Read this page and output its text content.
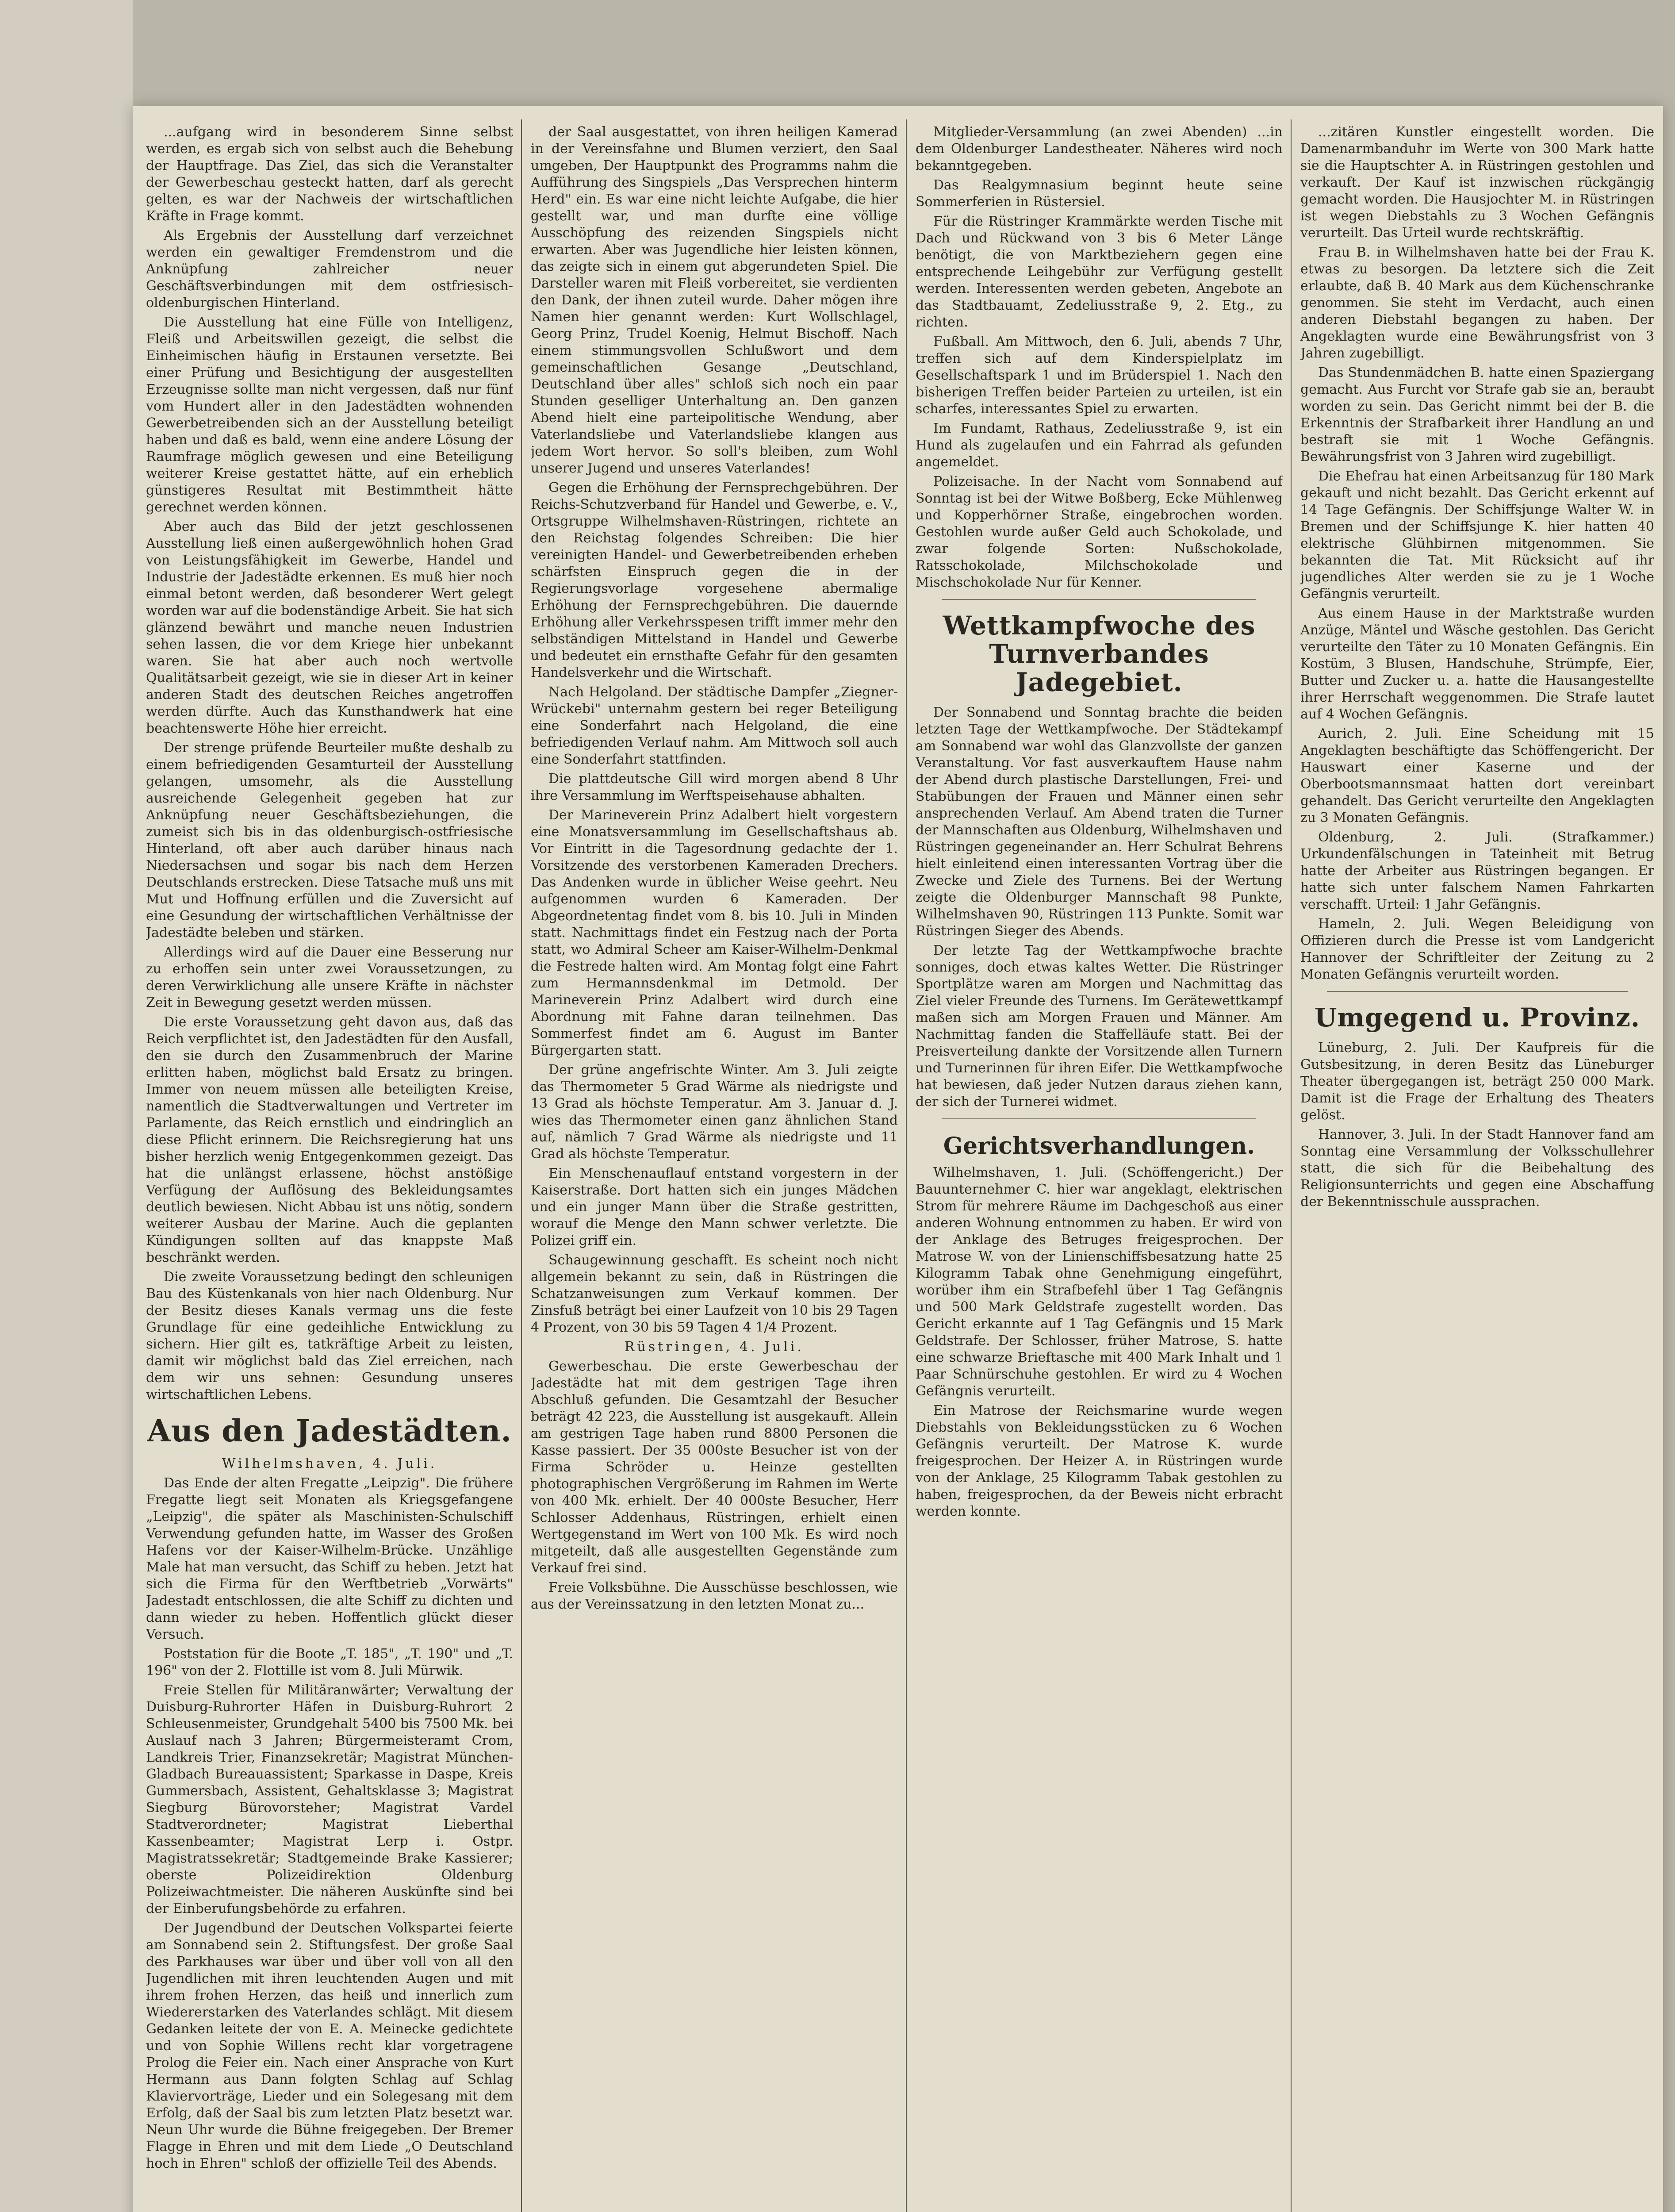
...aufgang wird in besonderem Sinne selbst werden, es ergab sich von selbst auch die Behebung der Hauptfrage. Das Ziel, das sich die Veranstalter der Gewerbeschau gesteckt hatten, darf als gerecht gelten, es war der Nachweis der wirtschaftlichen Kräfte in Frage kommt.

Als Ergebnis der Ausstellung darf verzeichnet werden ein gewaltiger Fremdenstrom und die Anknüpfung zahlreicher neuer Geschäftsverbindungen mit dem ostfriesisch-oldenburgischen Hinterland.

Die Ausstellung hat eine Fülle von Intelligenz, Fleiß und Arbeitswillen gezeigt, die selbst die Einheimischen häufig in Erstaunen versetzte. Bei einer Prüfung und Besichtigung der ausgestellten Erzeugnisse sollte man nicht vergessen, daß nur fünf vom Hundert aller in den Jadestädten wohnenden Gewerbetreibenden sich an der Ausstellung beteiligt haben und daß es bald, wenn eine andere Lösung der Raumfrage möglich gewesen und eine Beteiligung weiterer Kreise gestattet hätte, auf ein erheblich günstigeres Resultat mit Bestimmtheit hätte gerechnet werden können.

Aber auch das Bild der jetzt geschlossenen Ausstellung ließ einen außergewöhnlich hohen Grad von Leistungsfähigkeit im Gewerbe, Handel und Industrie der Jadestädte erkennen. Es muß hier noch einmal betont werden, daß besonderer Wert gelegt worden war auf die bodenständige Arbeit. Sie hat sich glänzend bewährt und manche neuen Industrien sehen lassen, die vor dem Kriege hier unbekannt waren. Sie hat aber auch noch wertvolle Qualitätsarbeit gezeigt, wie sie in dieser Art in keiner anderen Stadt des deutschen Reiches angetroffen werden dürfte. Auch das Kunsthandwerk hat eine beachtenswerte Höhe hier erreicht.

Der strenge prüfende Beurteiler mußte deshalb zu einem befriedigenden Gesamturteil der Ausstellung gelangen, umsomehr, als die Ausstellung ausreichende Gelegenheit gegeben hat zur Anknüpfung neuer Geschäftsbeziehungen, die zumeist sich bis in das oldenburgisch-ostfriesische Hinterland, oft aber auch darüber hinaus nach Niedersachsen und sogar bis nach dem Herzen Deutschlands erstrecken. Diese Tatsache muß uns mit Mut und Hoffnung erfüllen und die Zuversicht auf eine Gesundung der wirtschaftlichen Verhältnisse der Jadestädte beleben und stärken.

Allerdings wird auf die Dauer eine Besserung nur zu erhoffen sein unter zwei Voraussetzungen, zu deren Verwirklichung alle unsere Kräfte in nächster Zeit in Bewegung gesetzt werden müssen.

Die erste Voraussetzung geht davon aus, daß das Reich verpflichtet ist, den Jadestädten für den Ausfall, den sie durch den Zusammenbruch der Marine erlitten haben, möglichst bald Ersatz zu bringen. Immer von neuem müssen alle beteiligten Kreise, namentlich die Stadtverwaltungen und Vertreter im Parlamente, das Reich ernstlich und eindringlich an diese Pflicht erinnern. Die Reichsregierung hat uns bisher herzlich wenig Entgegenkommen gezeigt. Das hat die unlängst erlassene, höchst anstößige Verfügung der Auflösung des Bekleidungsamtes deutlich bewiesen. Nicht Abbau ist uns nötig, sondern weiterer Ausbau der Marine. Auch die geplanten Kündigungen sollten auf das knappste Maß beschränkt werden.

Die zweite Voraussetzung bedingt den schleunigen Bau des Küstenkanals von hier nach Oldenburg. Nur der Besitz dieses Kanals vermag uns die feste Grundlage für eine gedeihliche Entwicklung zu sichern. Hier gilt es, tatkräftige Arbeit zu leisten, damit wir möglichst bald das Ziel erreichen, nach dem wir uns sehnen: Gesundung unseres wirtschaftlichen Lebens.

Aus den Jadestädten.

Wilhelmshaven, 4. Juli.

Das Ende der alten Fregatte „Leipzig". Die frühere Fregatte liegt seit Monaten als Kriegsgefangene „Leipzig", die später als Maschinisten-Schulschiff Verwendung gefunden hatte, im Wasser des Großen Hafens vor der Kaiser-Wilhelm-Brücke. Unzählige Male hat man versucht, das Schiff zu heben. Jetzt hat sich die Firma für den Werftbetrieb „Vorwärts" Jadestadt entschlossen, die alte Schiff zu dichten und dann wieder zu heben. Hoffentlich glückt dieser Versuch.

Poststation für die Boote „T. 185", „T. 190" und „T. 196" von der 2. Flottille ist vom 8. Juli Mürwik.

Freie Stellen für Militäranwärter; Verwaltung der Duisburg-Ruhrorter Häfen in Duisburg-Ruhrort 2 Schleusenmeister, Grundgehalt 5400 bis 7500 Mk. bei Auslauf nach 3 Jahren; Bürgermeisteramt Crom, Landkreis Trier, Finanzsekretär; Magistrat München-Gladbach Bureauassistent; Sparkasse in Daspe, Kreis Gummersbach, Assistent, Gehaltsklasse 3; Magistrat Siegburg Bürovorsteher; Magistrat Vardel Stadtverordneter; Magistrat Lieberthal Kassenbeamter; Magistrat Lerp i. Ostpr. Magistratssekretär; Stadtgemeinde Brake Kassierer; oberste Polizeidirektion Oldenburg Polizeiwachtmeister. Die näheren Auskünfte sind bei der Einberufungsbehörde zu erfahren.

Der Jugendbund der Deutschen Volkspartei feierte am Sonnabend sein 2. Stiftungsfest. Der große Saal des Parkhauses war über und über voll von all den Jugendlichen mit ihren leuchtenden Augen und mit ihrem frohen Herzen, das heiß und innerlich zum Wiedererstarken des Vaterlandes schlägt. Mit diesem Gedanken leitete der von E. A. Meinecke gedichtete und von Sophie Willens recht klar vorgetragene Prolog die Feier ein. Nach einer Ansprache von Kurt Hermann aus Dann folgten Schlag auf Schlag Klaviervorträge, Lieder und ein Solegesang mit dem Erfolg, daß der Saal bis zum letzten Platz besetzt war. Neun Uhr wurde die Bühne freigegeben. Der Bremer Flagge in Ehren und mit dem Liede „O Deutschland hoch in Ehren" schloß der offizielle Teil des Abends.

der Saal ausgestattet, von ihren heiligen Kamerad in der Vereinsfahne und Blumen verziert, den Saal umgeben, Der Hauptpunkt des Programms nahm die Aufführung des Singspiels „Das Versprechen hinterm Herd" ein. Es war eine nicht leichte Aufgabe, die hier gestellt war, und man durfte eine völlige Ausschöpfung des reizenden Singspiels nicht erwarten. Aber was Jugendliche hier leisten können, das zeigte sich in einem gut abgerundeten Spiel. Die Darsteller waren mit Fleiß vorbereitet, sie verdienten den Dank, der ihnen zuteil wurde. Daher mögen ihre Namen hier genannt werden: Kurt Wollschlagel, Georg Prinz, Trudel Koenig, Helmut Bischoff. Nach einem stimmungsvollen Schlußwort und dem gemeinschaftlichen Gesange „Deutschland, Deutschland über alles" schloß sich noch ein paar Stunden geselliger Unterhaltung an. Den ganzen Abend hielt eine parteipolitische Wendung, aber Vaterlandsliebe und Vaterlandsliebe klangen aus jedem Wort hervor. So soll's bleiben, zum Wohl unserer Jugend und unseres Vaterlandes!

Gegen die Erhöhung der Fernsprechgebühren. Der Reichs-Schutzverband für Handel und Gewerbe, e. V., Ortsgruppe Wilhelmshaven-Rüstringen, richtete an den Reichstag folgendes Schreiben: Die hier vereinigten Handel- und Gewerbetreibenden erheben schärfsten Einspruch gegen die in der Regierungsvorlage vorgesehene abermalige Erhöhung der Fernsprechgebühren. Die dauernde Erhöhung aller Verkehrsspesen trifft immer mehr den selbständigen Mittelstand in Handel und Gewerbe und bedeutet ein ernsthafte Gefahr für den gesamten Handelsverkehr und die Wirtschaft.

Nach Helgoland. Der städtische Dampfer „Ziegner-Wrückebi" unternahm gestern bei reger Beteiligung eine Sonderfahrt nach Helgoland, die eine befriedigenden Verlauf nahm. Am Mittwoch soll auch eine Sonderfahrt stattfinden.

Die plattdeutsche Gill wird morgen abend 8 Uhr ihre Versammlung im Werftspeisehause abhalten.

Der Marineverein Prinz Adalbert hielt vorgestern eine Monatsversammlung im Gesellschaftshaus ab. Vor Eintritt in die Tagesordnung gedachte der 1. Vorsitzende des verstorbenen Kameraden Drechers. Das Andenken wurde in üblicher Weise geehrt. Neu aufgenommen wurden 6 Kameraden. Der Abgeordnetentag findet vom 8. bis 10. Juli in Minden statt. Nachmittags findet ein Festzug nach der Porta statt, wo Admiral Scheer am Kaiser-Wilhelm-Denkmal die Festrede halten wird. Am Montag folgt eine Fahrt zum Hermannsdenkmal im Detmold. Der Marineverein Prinz Adalbert wird durch eine Abordnung mit Fahne daran teilnehmen. Das Sommerfest findet am 6. August im Banter Bürgergarten statt.

Der grüne angefrischte Winter. Am 3. Juli zeigte das Thermometer 5 Grad Wärme als niedrigste und 13 Grad als höchste Temperatur. Am 3. Januar d. J. wies das Thermometer einen ganz ähnlichen Stand auf, nämlich 7 Grad Wärme als niedrigste und 11 Grad als höchste Temperatur.

Ein Menschenauflauf entstand vorgestern in der Kaiserstraße. Dort hatten sich ein junges Mädchen und ein junger Mann über die Straße gestritten, worauf die Menge den Mann schwer verletzte. Die Polizei griff ein.

Schaugewinnung geschafft. Es scheint noch nicht allgemein bekannt zu sein, daß in Rüstringen die Schatzanweisungen zum Verkauf kommen. Der Zinsfuß beträgt bei einer Laufzeit von 10 bis 29 Tagen 4 Prozent, von 30 bis 59 Tagen 4 1/4 Prozent.

Rüstringen, 4. Juli.

Gewerbeschau. Die erste Gewerbeschau der Jadestädte hat mit dem gestrigen Tage ihren Abschluß gefunden. Die Gesamtzahl der Besucher beträgt 42 223, die Ausstellung ist ausgekauft. Allein am gestrigen Tage haben rund 8800 Personen die Kasse passiert. Der 35 000ste Besucher ist von der Firma Schröder u. Heinze gestellten photographischen Vergrößerung im Rahmen im Werte von 400 Mk. erhielt. Der 40 000ste Besucher, Herr Schlosser Addenhaus, Rüstringen, erhielt einen Wertgegenstand im Wert von 100 Mk. Es wird noch mitgeteilt, daß alle ausgestellten Gegenstände zum Verkauf frei sind.

Freie Volksbühne. Die Ausschüsse beschlossen, wie aus der Vereinssatzung in den letzten Monat zu...

Mitglieder-Versammlung (an zwei Abenden) ...in dem Oldenburger Landestheater. Näheres wird noch bekanntgegeben.

Das Realgymnasium beginnt heute seine Sommerferien in Rüstersiel.

Für die Rüstringer Krammärkte werden Tische mit Dach und Rückwand von 3 bis 6 Meter Länge benötigt, die von Marktbeziehern gegen eine entsprechende Leihgebühr zur Verfügung gestellt werden. Interessenten werden gebeten, Angebote an das Stadtbauamt, Zedeliusstraße 9, 2. Etg., zu richten.

Fußball. Am Mittwoch, den 6. Juli, abends 7 Uhr, treffen sich auf dem Kinderspielplatz im Gesellschaftspark 1 und im Brüderspiel 1. Nach den bisherigen Treffen beider Parteien zu urteilen, ist ein scharfes, interessantes Spiel zu erwarten.

Im Fundamt, Rathaus, Zedeliusstraße 9, ist ein Hund als zugelaufen und ein Fahrrad als gefunden angemeldet.

Polizeisache. In der Nacht vom Sonnabend auf Sonntag ist bei der Witwe Boßberg, Ecke Mühlenweg und Kopperhörner Straße, eingebrochen worden. Gestohlen wurde außer Geld auch Schokolade, und zwar folgende Sorten: Nußschokolade, Ratsschokolade, Milchschokolade und Mischschokolade Nur für Kenner.

Wettkampfwoche des
Turnverbandes Jadegebiet.

Der Sonnabend und Sonntag brachte die beiden letzten Tage der Wettkampfwoche. Der Städtekampf am Sonnabend war wohl das Glanzvollste der ganzen Veranstaltung. Vor fast ausverkauftem Hause nahm der Abend durch plastische Darstellungen, Frei- und Stabübungen der Frauen und Männer einen sehr ansprechenden Verlauf. Am Abend traten die Turner der Mannschaften aus Oldenburg, Wilhelmshaven und Rüstringen gegeneinander an. Herr Schulrat Behrens hielt einleitend einen interessanten Vortrag über die Zwecke und Ziele des Turnens. Bei der Wertung zeigte die Oldenburger Mannschaft 98 Punkte, Wilhelmshaven 90, Rüstringen 113 Punkte. Somit war Rüstringen Sieger des Abends.

Der letzte Tag der Wettkampfwoche brachte sonniges, doch etwas kaltes Wetter. Die Rüstringer Sportplätze waren am Morgen und Nachmittag das Ziel vieler Freunde des Turnens. Im Gerätewettkampf maßen sich am Morgen Frauen und Männer. Am Nachmittag fanden die Staffelläufe statt. Bei der Preisverteilung dankte der Vorsitzende allen Turnern und Turnerinnen für ihren Eifer. Die Wettkampfwoche hat bewiesen, daß jeder Nutzen daraus ziehen kann, der sich der Turnerei widmet.

Gerichtsverhandlungen.

Wilhelmshaven, 1. Juli. (Schöffengericht.) Der Bauunternehmer C. hier war angeklagt, elektrischen Strom für mehrere Räume im Dachgeschoß aus einer anderen Wohnung entnommen zu haben. Er wird von der Anklage des Betruges freigesprochen. Der Matrose W. von der Linienschiffsbesatzung hatte 25 Kilogramm Tabak ohne Genehmigung eingeführt, worüber ihm ein Strafbefehl über 1 Tag Gefängnis und 500 Mark Geldstrafe zugestellt worden. Das Gericht erkannte auf 1 Tag Gefängnis und 15 Mark Geldstrafe. Der Schlosser, früher Matrose, S. hatte eine schwarze Brieftasche mit 400 Mark Inhalt und 1 Paar Schnürschuhe gestohlen. Er wird zu 4 Wochen Gefängnis verurteilt.

Ein Matrose der Reichsmarine wurde wegen Diebstahls von Bekleidungsstücken zu 6 Wochen Gefängnis verurteilt. Der Matrose K. wurde freigesprochen. Der Heizer A. in Rüstringen wurde von der Anklage, 25 Kilogramm Tabak gestohlen zu haben, freigesprochen, da der Beweis nicht erbracht werden konnte.

...zitären Kunstler eingestellt worden. Die Damenarmbanduhr im Werte von 300 Mark hatte sie die Hauptschter A. in Rüstringen gestohlen und verkauft. Der Kauf ist inzwischen rückgängig gemacht worden. Die Hausjochter M. in Rüstringen ist wegen Diebstahls zu 3 Wochen Gefängnis verurteilt. Das Urteil wurde rechtskräftig.

Frau B. in Wilhelmshaven hatte bei der Frau K. etwas zu besorgen. Da letztere sich die Zeit erlaubte, daß B. 40 Mark aus dem Küchenschranke genommen. Sie steht im Verdacht, auch einen anderen Diebstahl begangen zu haben. Der Angeklagten wurde eine Bewährungsfrist von 3 Jahren zugebilligt.

Das Stundenmädchen B. hatte einen Spaziergang gemacht. Aus Furcht vor Strafe gab sie an, beraubt worden zu sein. Das Gericht nimmt bei der B. die Erkenntnis der Strafbarkeit ihrer Handlung an und bestraft sie mit 1 Woche Gefängnis. Bewährungsfrist von 3 Jahren wird zugebilligt.

Die Ehefrau hat einen Arbeitsanzug für 180 Mark gekauft und nicht bezahlt. Das Gericht erkennt auf 14 Tage Gefängnis. Der Schiffsjunge Walter W. in Bremen und der Schiffsjunge K. hier hatten 40 elektrische Glühbirnen mitgenommen. Sie bekannten die Tat. Mit Rücksicht auf ihr jugendliches Alter werden sie zu je 1 Woche Gefängnis verurteilt.

Aus einem Hause in der Marktstraße wurden Anzüge, Mäntel und Wäsche gestohlen. Das Gericht verurteilte den Täter zu 10 Monaten Gefängnis. Ein Kostüm, 3 Blusen, Handschuhe, Strümpfe, Eier, Butter und Zucker u. a. hatte die Hausangestellte ihrer Herrschaft weggenommen. Die Strafe lautet auf 4 Wochen Gefängnis.

Aurich, 2. Juli. Eine Scheidung mit 15 Angeklagten beschäftigte das Schöffengericht. Der Hauswart einer Kaserne und der Oberbootsmannsmaat hatten dort vereinbart gehandelt. Das Gericht verurteilte den Angeklagten zu 3 Monaten Gefängnis.

Oldenburg, 2. Juli. (Strafkammer.) Urkundenfälschungen in Tateinheit mit Betrug hatte der Arbeiter aus Rüstringen begangen. Er hatte sich unter falschem Namen Fahrkarten verschafft. Urteil: 1 Jahr Gefängnis.

Hameln, 2. Juli. Wegen Beleidigung von Offizieren durch die Presse ist vom Landgericht Hannover der Schriftleiter der Zeitung zu 2 Monaten Gefängnis verurteilt worden.

Umgegend u. Provinz.

Lüneburg, 2. Juli. Der Kaufpreis für die Gutsbesitzung, in deren Besitz das Lüneburger Theater übergegangen ist, beträgt 250 000 Mark. Damit ist die Frage der Erhaltung des Theaters gelöst.

Hannover, 3. Juli. In der Stadt Hannover fand am Sonntag eine Versammlung der Volksschullehrer statt, die sich für die Beibehaltung des Religionsunterrichts und gegen eine Abschaffung der Bekenntnisschule aussprachen.
